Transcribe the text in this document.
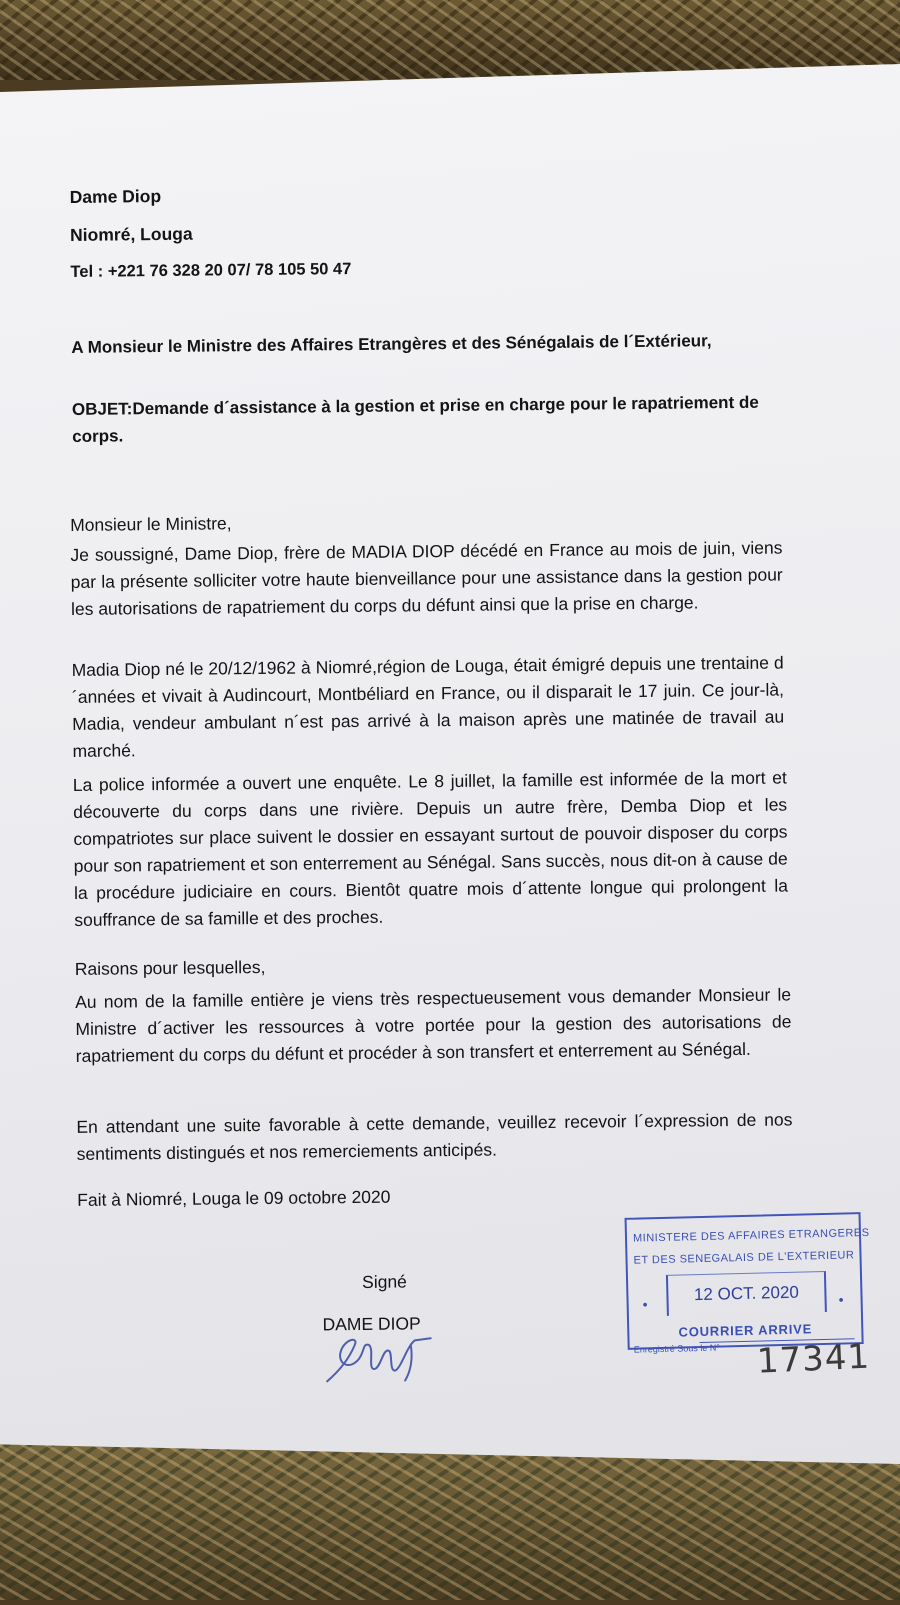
Dame Diop

Niomré, Louga

Tel : +221 76 328 20 07/ 78 105 50 47

A Monsieur le Ministre des Affaires Etrangères et des Sénégalais de l´Extérieur,

OBJET:Demande d´assistance à la gestion et prise en charge pour le rapatriement de corps.

Monsieur le Ministre,

Je soussigné, Dame Diop, frère de MADIA DIOP décédé en France au mois de juin, viens par la présente solliciter votre haute bienveillance pour une assistance dans la gestion pour les autorisations de rapatriement du corps du défunt ainsi que la prise en charge.

Madia Diop né le 20/12/1962 à Niomré,région de Louga, était émigré depuis une trentaine d´années et vivait à Audincourt, Montbéliard en France, ou il disparait le 17 juin. Ce jour-là, Madia, vendeur ambulant n´est pas arrivé à la maison après une matinée de travail au marché.

La police informée a ouvert une enquête. Le 8 juillet, la famille est informée de la mort et découverte du corps dans une rivière. Depuis un autre frère, Demba Diop et les compatriotes sur place suivent le dossier en essayant surtout de pouvoir disposer du corps pour son rapatriement et son enterrement au Sénégal. Sans succès, nous dit-on à cause de la procédure judiciaire en cours. Bientôt quatre mois d´attente longue qui prolongent la souffrance de sa famille et des proches.

Raisons pour lesquelles,

Au nom de la famille entière je viens très respectueusement vous demander Monsieur le Ministre d´activer les ressources à votre portée pour la gestion des autorisations de rapatriement du corps du défunt et procéder à son transfert et enterrement au Sénégal.

En attendant une suite favorable à cette demande, veuillez recevoir l´expression de nos sentiments distingués et nos remerciements anticipés.

Fait à Niomré, Louga le 09 octobre 2020

Signé

DAME DIOP

MINISTERE DES AFFAIRES ETRANGERES
ET DES SENEGALAIS DE L'EXTERIEUR
•
12 OCT. 2020	•
COURRIER ARRIVE
Enregistré Sous le N° 17341
